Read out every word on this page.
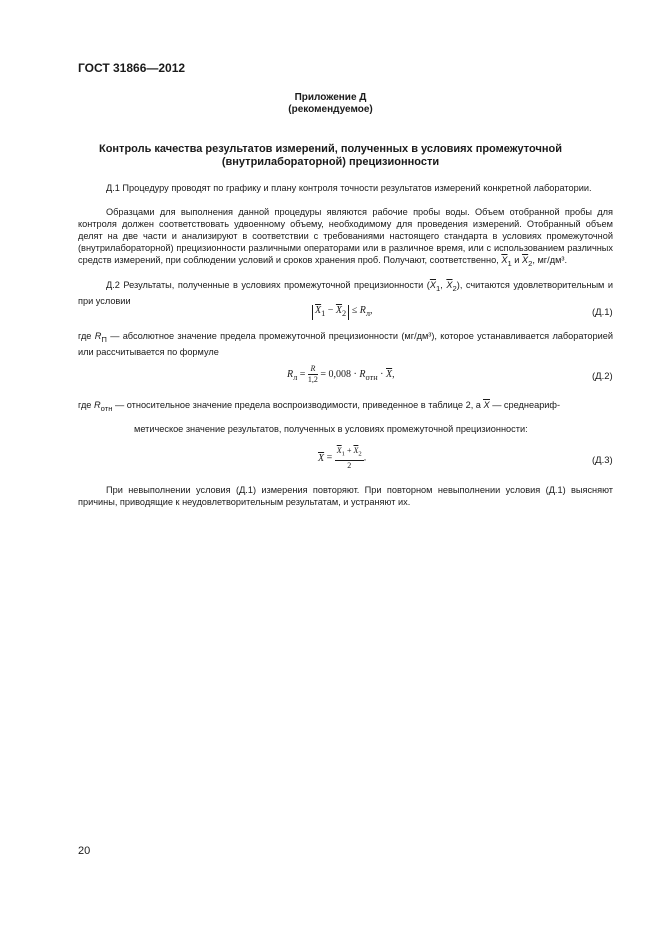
ГОСТ 31866—2012
Приложение Д
(рекомендуемое)
Контроль качества результатов измерений, полученных в условиях промежуточной
(внутрилабораторной) прецизионности
Д.1 Процедуру проводят по графику и плану контроля точности результатов измерений конкретной лаборатории.
Образцами для выполнения данной процедуры являются рабочие пробы воды. Объем отобранной пробы для контроля должен соответствовать удвоенному объему, необходимому для проведения измерений. Отобранный объем делят на две части и анализируют в соответствии с требованиями настоящего стандарта в условиях промежуточной (внутрилабораторной) прецизионности различными операторами или в различное время, или с использованием различных средств измерений, при соблюдении условий и сроков хранения проб. Получают, соответственно, $\overline{X}_1$ и $\overline{X}_2$, мг/дм³.
Д.2 Результаты, полученные в условиях промежуточной прецизионности ($\overline{X}_1$, $\overline{X}_2$), считаются удовлетворительным и при условии
$\overline{X}_1 - \overline{X}_2 \le R_л$,	(Д.1)
где $R_П$ — абсолютное значение предела промежуточной прецизионности (мг/дм³), которое устанавливается лабораторией или рассчитывается по формуле
$R_л = \frac{R}{1,2} = 0,008 \cdot R_{отн} \cdot \overline{X}$,	(Д.2)
где $R_{отн}$ — относительное значение предела воспроизводимости, приведенное в таблице 2, а $\overline{X}$ — среднеариф-
метическое значение результатов, полученных в условиях промежуточной прецизионности:
$\overline{X} = \frac{\overline{X}_1 + \overline{X}_2}{2}$ .	(Д.3)
При невыполнении условия (Д.1) измерения повторяют. При повторном невыполнении условия (Д.1) выясняют причины, приводящие к неудовлетворительным результатам, и устраняют их.
20
